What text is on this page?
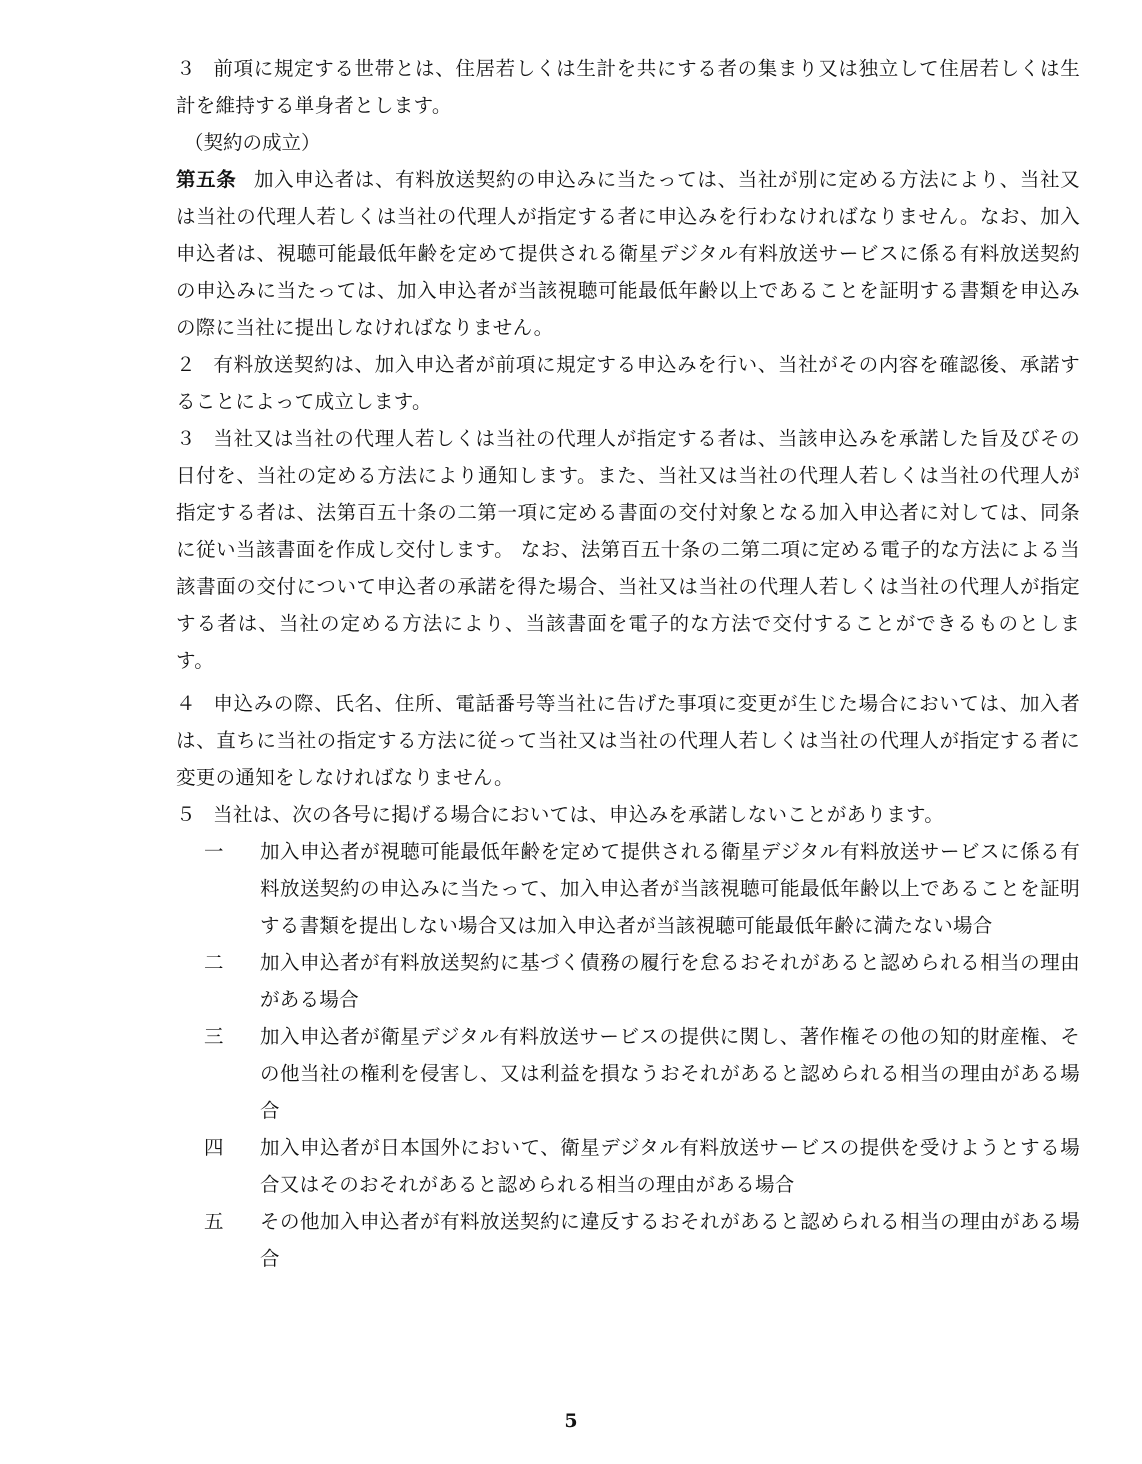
３ 前項に規定する世帯とは、住居若しくは生計を共にする者の集まり又は独立して住居若しくは生計を維持する単身者とします。

（契約の成立）

第五条 加入申込者は、有料放送契約の申込みに当たっては、当社が別に定める方法により、当社又は当社の代理人若しくは当社の代理人が指定する者に申込みを行わなければなりません。なお、加入申込者は、視聴可能最低年齢を定めて提供される衛星デジタル有料放送サービスに係る有料放送契約の申込みに当たっては、加入申込者が当該視聴可能最低年齢以上であることを証明する書類を申込みの際に当社に提出しなければなりません。

２ 有料放送契約は、加入申込者が前項に規定する申込みを行い、当社がその内容を確認後、承諾することによって成立します。

３ 当社又は当社の代理人若しくは当社の代理人が指定する者は、当該申込みを承諾した旨及びその日付を、当社の定める方法により通知します。また、当社又は当社の代理人若しくは当社の代理人が指定する者は、法第百五十条の二第一項に定める書面の交付対象となる加入申込者に対しては、同条に従い当該書面を作成し交付します。 なお、法第百五十条の二第二項に定める電子的な方法による当該書面の交付について申込者の承諾を得た場合、当社又は当社の代理人若しくは当社の代理人が指定する者は、当社の定める方法により、当該書面を電子的な方法で交付することができるものとします。

４ 申込みの際、氏名、住所、電話番号等当社に告げた事項に変更が生じた場合においては、加入者は、直ちに当社の指定する方法に従って当社又は当社の代理人若しくは当社の代理人が指定する者に変更の通知をしなければなりません。

５ 当社は、次の各号に掲げる場合においては、申込みを承諾しないことがあります。

一	加入申込者が視聴可能最低年齢を定めて提供される衛星デジタル有料放送サービスに係る有料放送契約の申込みに当たって、加入申込者が当該視聴可能最低年齢以上であることを証明する書類を提出しない場合又は加入申込者が当該視聴可能最低年齢に満たない場合
二	加入申込者が有料放送契約に基づく債務の履行を怠るおそれがあると認められる相当の理由がある場合
三	加入申込者が衛星デジタル有料放送サービスの提供に関し、著作権その他の知的財産権、その他当社の権利を侵害し、又は利益を損なうおそれがあると認められる相当の理由がある場合
四	加入申込者が日本国外において、衛星デジタル有料放送サービスの提供を受けようとする場合又はそのおそれがあると認められる相当の理由がある場合
五	その他加入申込者が有料放送契約に違反するおそれがあると認められる相当の理由がある場合
5
